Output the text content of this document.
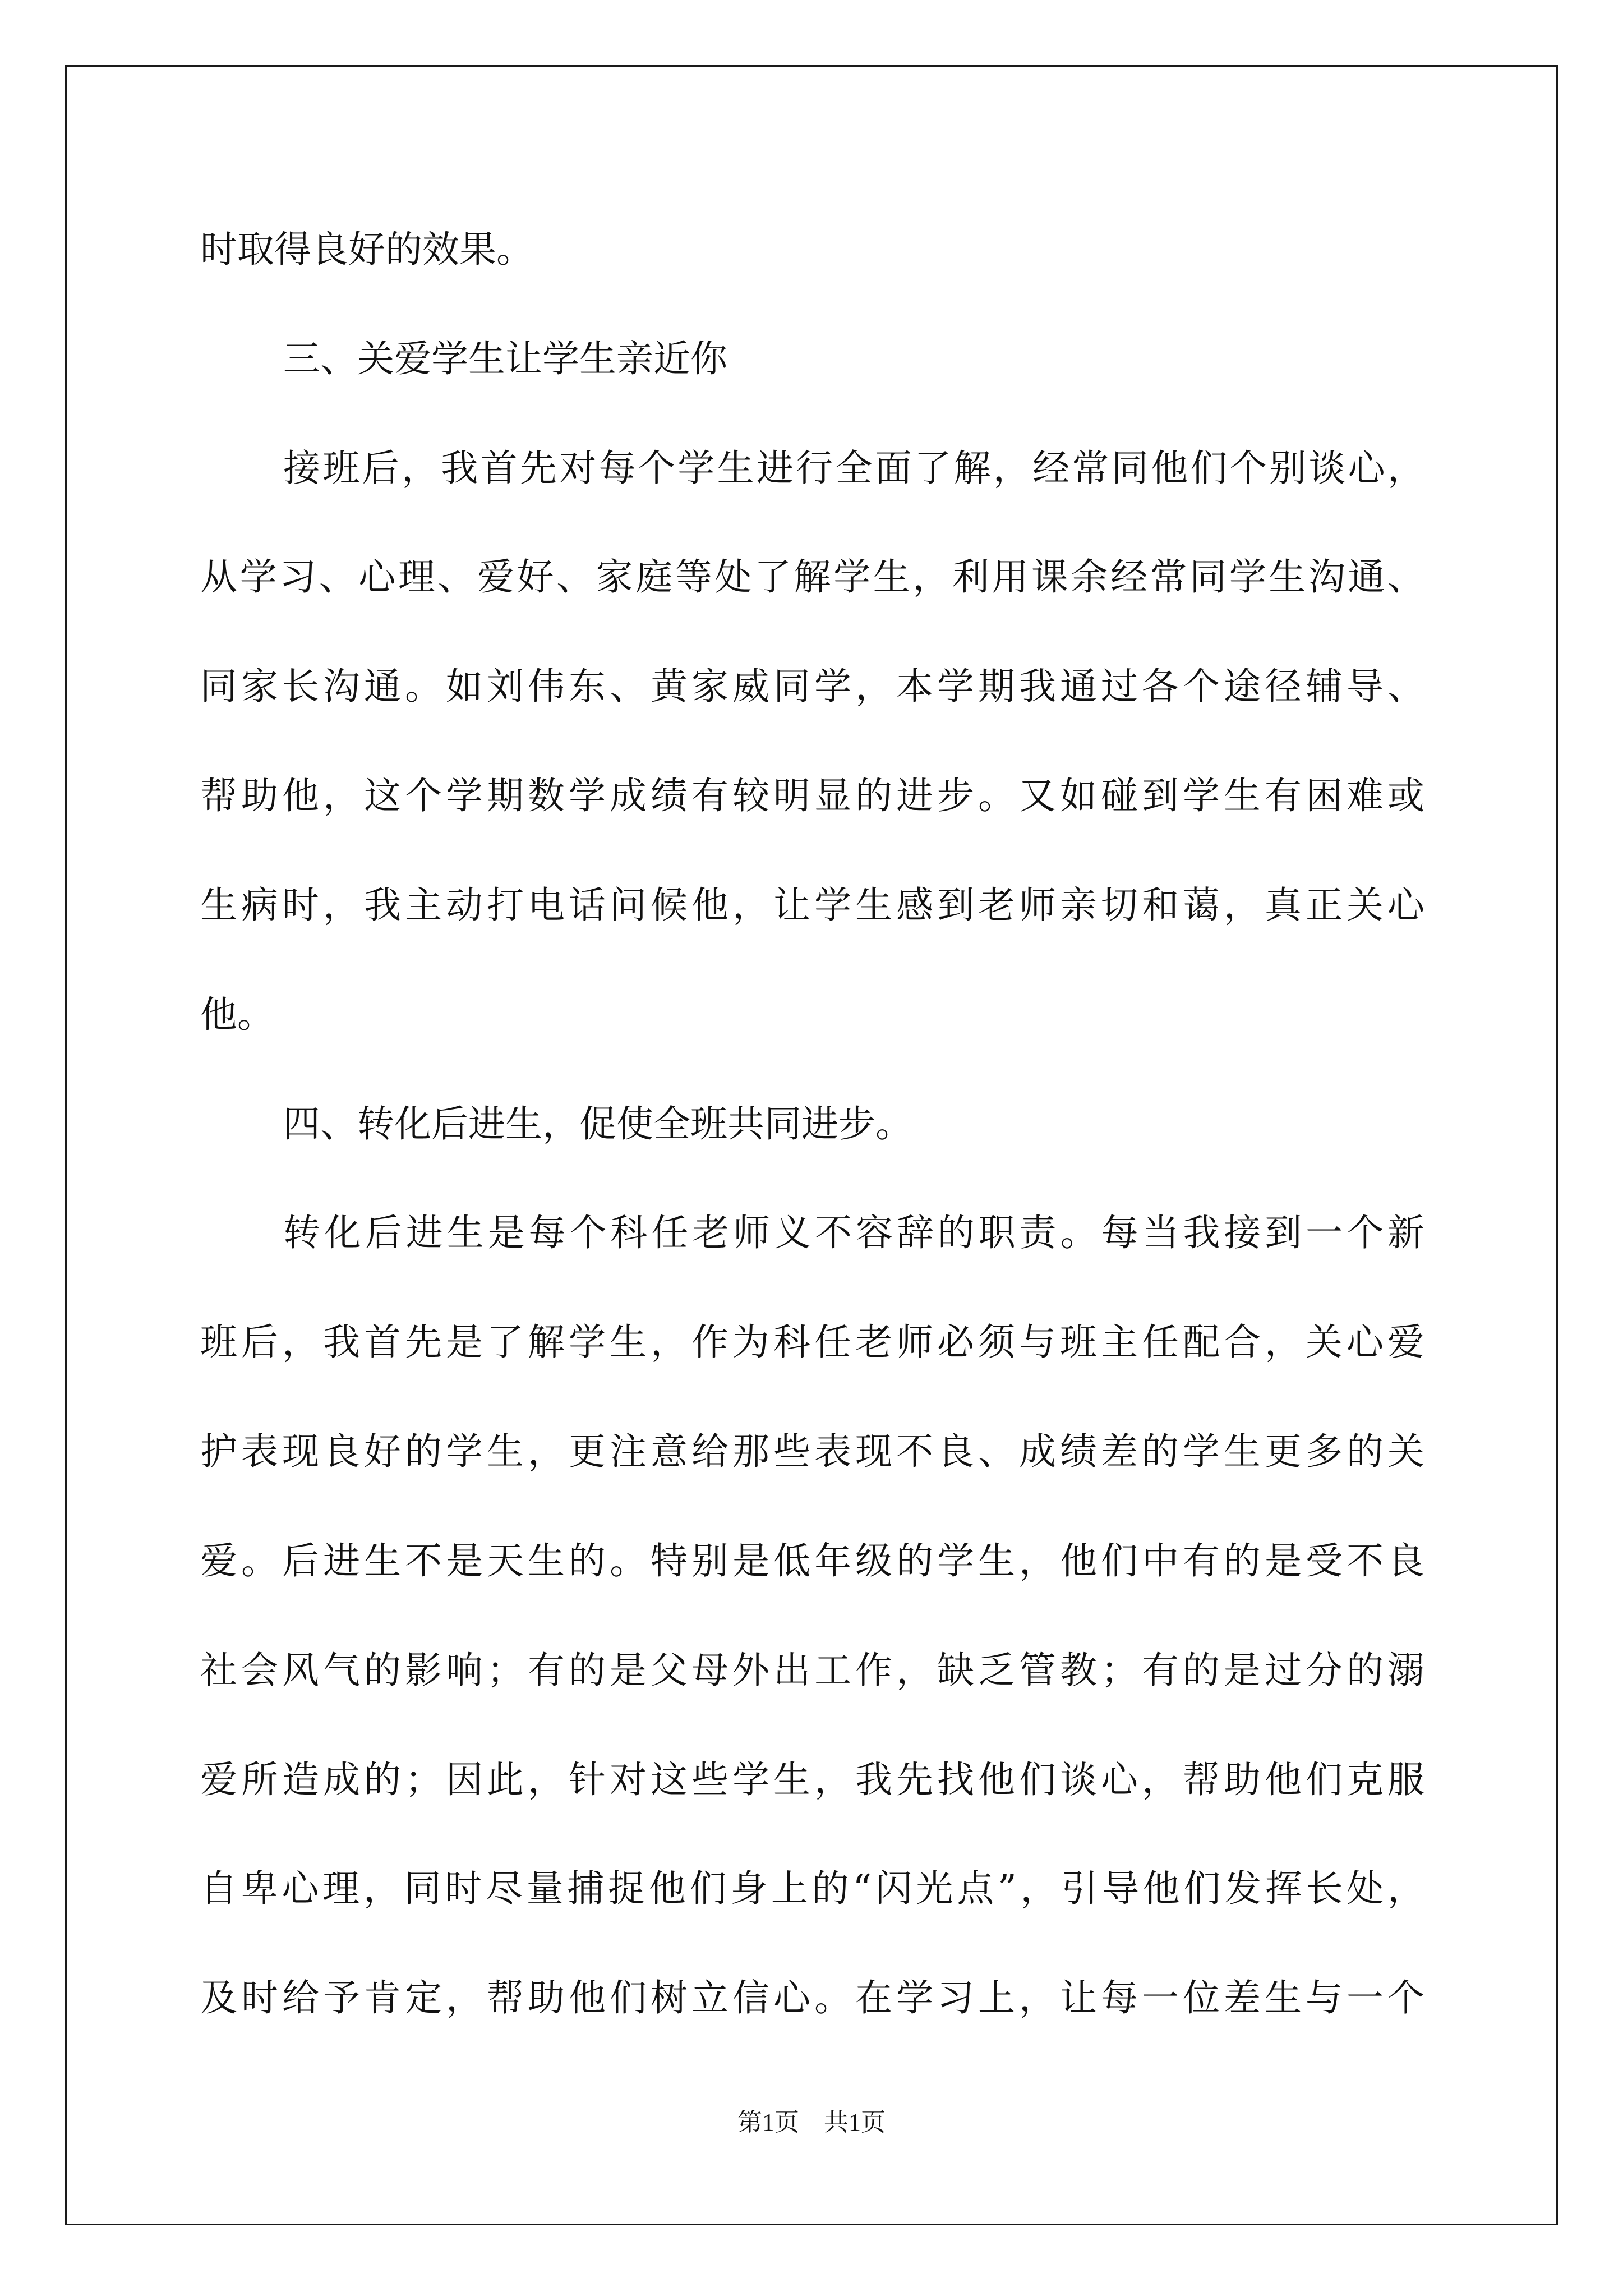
时取得良好的效果。
三、关爱学生让学生亲近你
接班后，我首先对每个学生进行全面了解，经常同他们个别谈心，
从学习、心理、爱好、家庭等处了解学生，利用课余经常同学生沟通、
同家长沟通。如刘伟东、黄家威同学，本学期我通过各个途径辅导、
帮助他，这个学期数学成绩有较明显的进步。又如碰到学生有困难或
生病时，我主动打电话问候他，让学生感到老师亲切和蔼，真正关心
他。
四、转化后进生，促使全班共同进步。
转化后进生是每个科任老师义不容辞的职责。每当我接到一个新
班后，我首先是了解学生，作为科任老师必须与班主任配合，关心爱
护表现良好的学生，更注意给那些表现不良、成绩差的学生更多的关
爱。后进生不是天生的。特别是低年级的学生，他们中有的是受不良
社会风气的影响；有的是父母外出工作，缺乏管教；有的是过分的溺
爱所造成的；因此，针对这些学生，我先找他们谈心，帮助他们克服
自卑心理，同时尽量捕捉他们身上的“闪光点”，引导他们发挥长处，
及时给予肯定，帮助他们树立信心。在学习上，让每一位差生与一个
第1页　共1页
